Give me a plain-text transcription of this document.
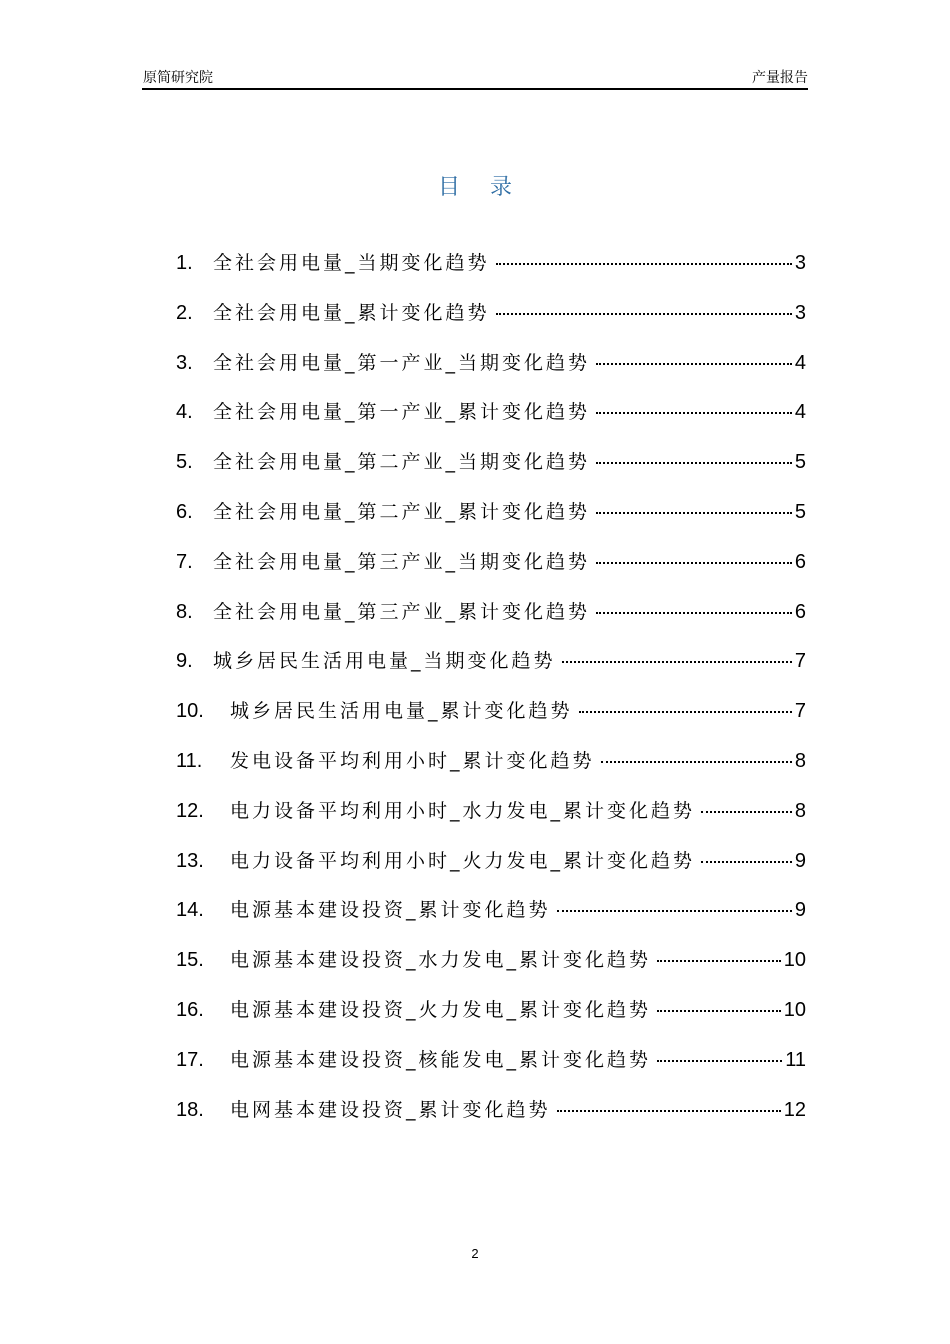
原简研究院	产量报告
目录
1.	全社会用电量_当期变化趋势	3
2.	全社会用电量_累计变化趋势	3
3.	全社会用电量_第一产业_当期变化趋势	4
4.	全社会用电量_第一产业_累计变化趋势	4
5.	全社会用电量_第二产业_当期变化趋势	5
6.	全社会用电量_第二产业_累计变化趋势	5
7.	全社会用电量_第三产业_当期变化趋势	6
8.	全社会用电量_第三产业_累计变化趋势	6
9.	城乡居民生活用电量_当期变化趋势	7
10.	城乡居民生活用电量_累计变化趋势	7
11.	发电设备平均利用小时_累计变化趋势	8
12.	电力设备平均利用小时_水力发电_累计变化趋势	8
13.	电力设备平均利用小时_火力发电_累计变化趋势	9
14.	电源基本建设投资_累计变化趋势	9
15.	电源基本建设投资_水力发电_累计变化趋势	10
16.	电源基本建设投资_火力发电_累计变化趋势	10
17.	电源基本建设投资_核能发电_累计变化趋势	11
18.	电网基本建设投资_累计变化趋势	12
2
